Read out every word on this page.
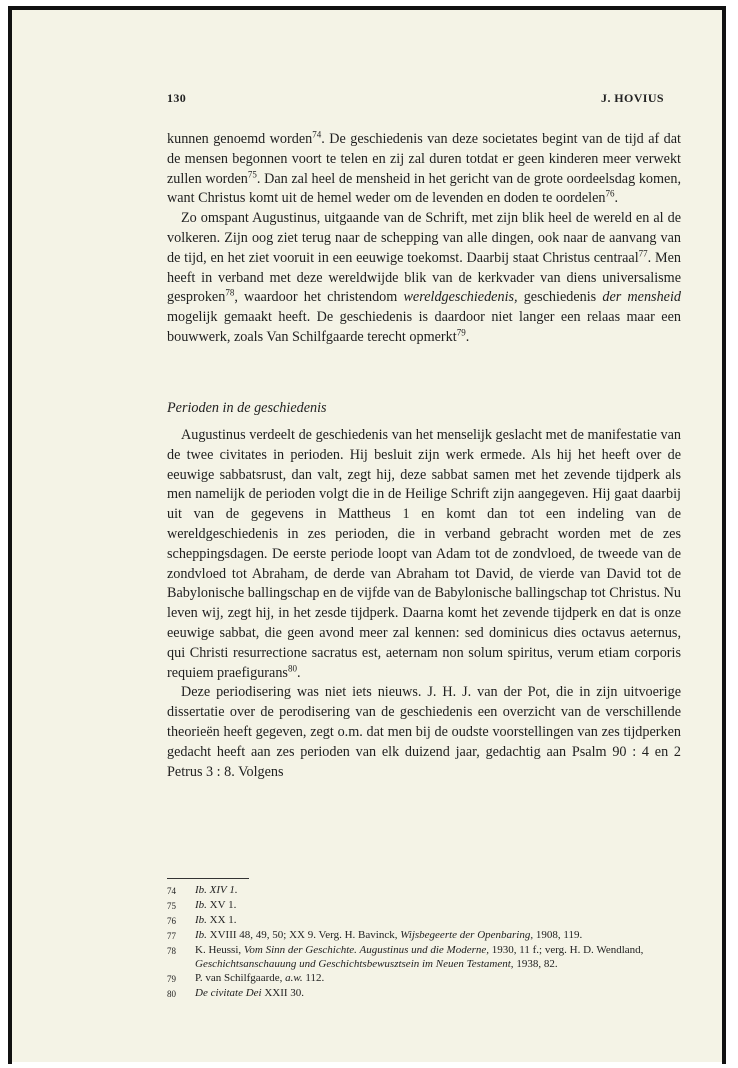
130	J. HOVIUS

kunnen genoemd worden$^{74}$. De geschiedenis van deze societates begint van de tijd af dat de mensen begonnen voort te telen en zij zal duren totdat er geen kinderen meer verwekt zullen worden$^{75}$. Dan zal heel de mensheid in het gericht van de grote oordeelsdag komen, want Christus komt uit de hemel weder om de levenden en doden te oordelen$^{76}$.

Zo omspant Augustinus, uitgaande van de Schrift, met zijn blik heel de wereld en al de volkeren. Zijn oog ziet terug naar de schepping van alle dingen, ook naar de aanvang van de tijd, en het ziet vooruit in een eeuwige toekomst. Daarbij staat Christus centraal$^{77}$. Men heeft in verband met deze wereldwijde blik van de kerkvader van diens universalisme gesproken$^{78}$, waardoor het christendom wereldgeschiedenis, geschiedenis der mensheid mogelijk gemaakt heeft. De geschiedenis is daardoor niet langer een relaas maar een bouwwerk, zoals Van Schilfgaarde terecht opmerkt$^{79}$.

Perioden in de geschiedenis

Augustinus verdeelt de geschiedenis van het menselijk geslacht met de manifestatie van de twee civitates in perioden. Hij besluit zijn werk ermede. Als hij het heeft over de eeuwige sabbatsrust, dan valt, zegt hij, deze sabbat samen met het zevende tijdperk als men namelijk de perioden volgt die in de Heilige Schrift zijn aangegeven. Hij gaat daarbij uit van de gegevens in Mattheus 1 en komt dan tot een indeling van de wereldgeschiedenis in zes perioden, die in verband gebracht worden met de zes scheppingsdagen. De eerste periode loopt van Adam tot de zondvloed, de tweede van de zondvloed tot Abraham, de derde van Abraham tot David, de vierde van David tot de Babylonische ballingschap en de vijfde van de Babylonische ballingschap tot Christus. Nu leven wij, zegt hij, in het zesde tijdperk. Daarna komt het zevende tijdperk en dat is onze eeuwige sabbat, die geen avond meer zal kennen: sed dominicus dies octavus aeternus, qui Christi resurrectione sacratus est, aeternam non solum spiritus, verum etiam corporis requiem praefigurans$^{80}$.

Deze periodisering was niet iets nieuws. J. H. J. van der Pot, die in zijn uitvoerige dissertatie over de perodisering van de geschiedenis een overzicht van de verschillende theorieën heeft gegeven, zegt o.m. dat men bij de oudste voorstellingen van zes tijdperken gedacht heeft aan zes perioden van elk duizend jaar, gedachtig aan Psalm 90 : 4 en 2 Petrus 3 : 8. Volgens

74	Ib. XIV 1.
75	Ib. XV 1.
76	Ib. XX 1.
77	Ib. XVIII 48, 49, 50; XX 9. Verg. H. Bavinck, Wijsbegeerte der Openbaring, 1908, 119.
78	K. Heussi, Vom Sinn der Geschichte. Augustinus und die Moderne, 1930, 11 f.; verg. H. D. Wendland, Geschichtsanschauung und Geschichtsbewusztsein im Neuen Testament, 1938, 82.
79	P. van Schilfgaarde, a.w. 112.
80	De civitate Dei XXII 30.
